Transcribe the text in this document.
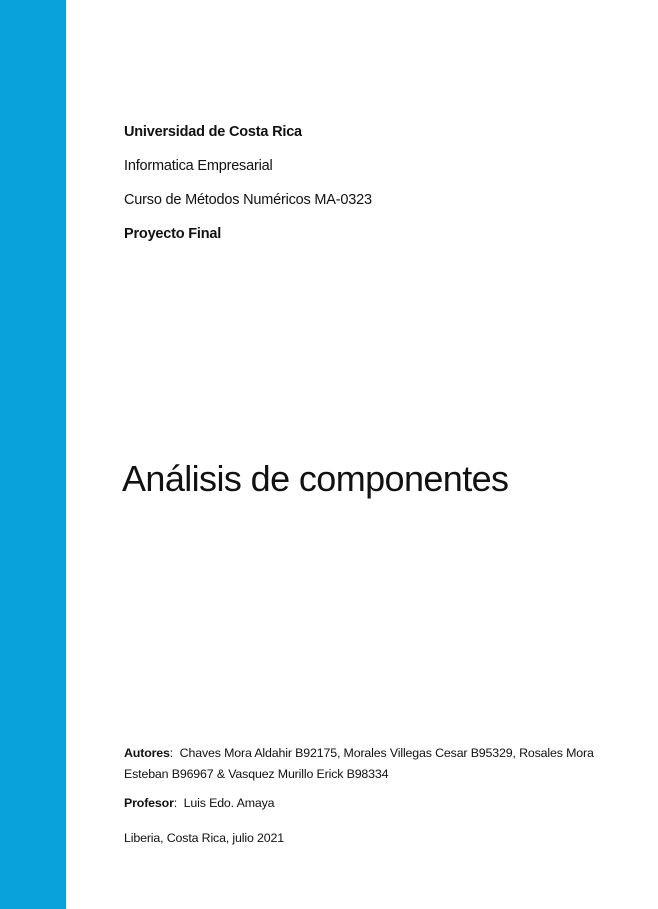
Universidad de Costa Rica

Informatica Empresarial

Curso de Métodos Numéricos MA-0323

Proyecto Final

Análisis de componentes

Autores:  Chaves Mora Aldahir B92175, Morales Villegas Cesar B95329, Rosales Mora Esteban B96967 & Vasquez Murillo Erick B98334

Profesor:  Luis Edo. Amaya

Liberia, Costa Rica, julio 2021
